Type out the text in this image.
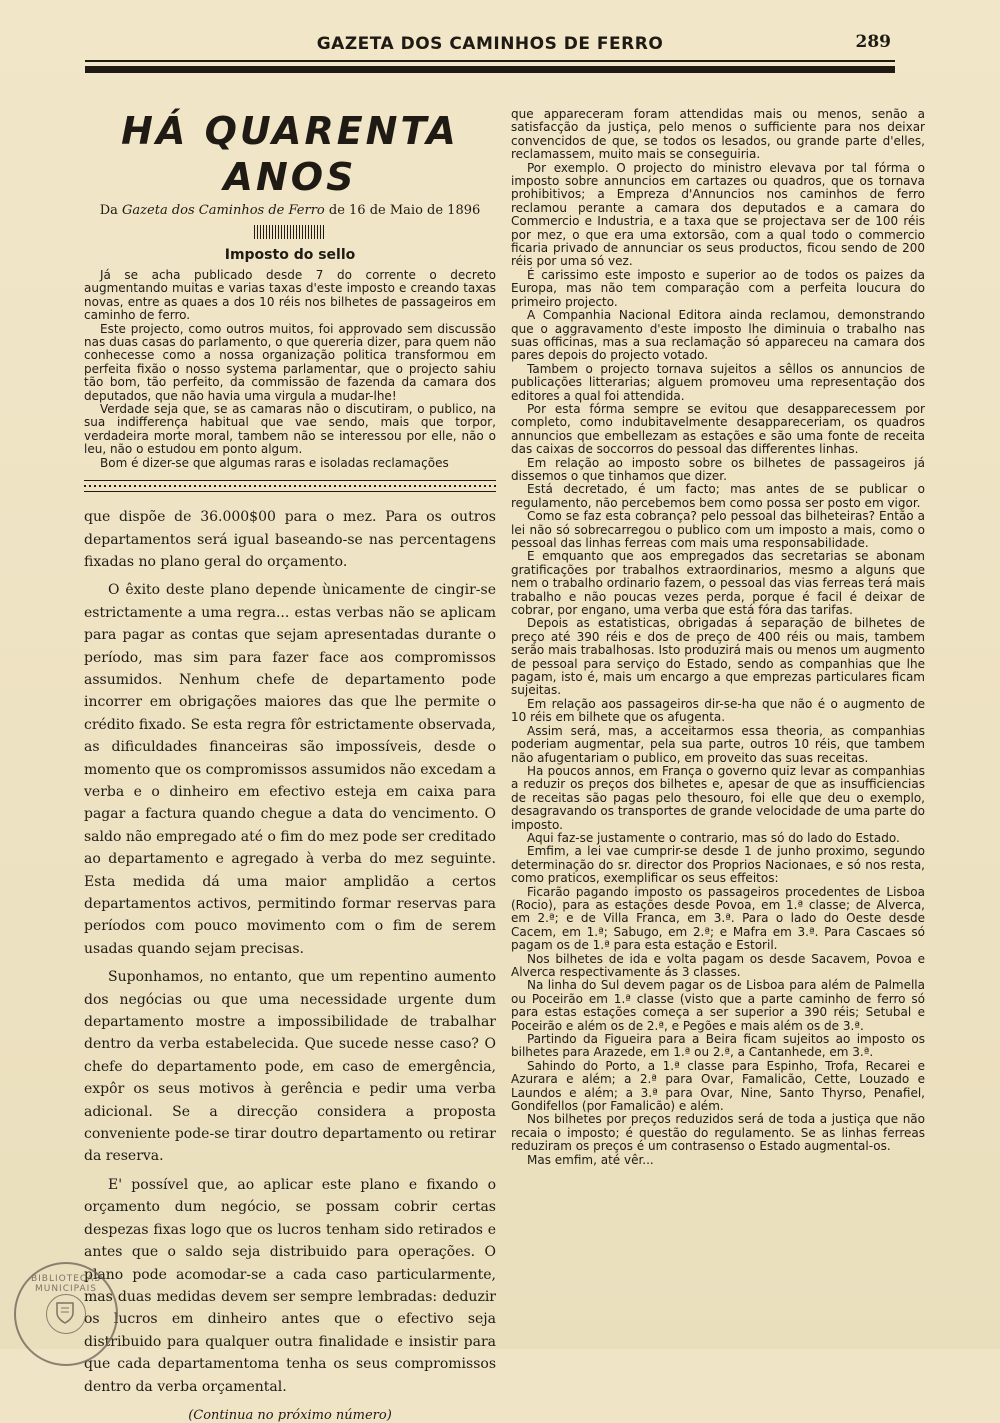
GAZETA DOS CAMINHOS DE FERRO	289
HÁ QUARENTA ANOS
Da Gazeta dos Caminhos de Ferro de 16 de Maio de 1896
Imposto do sello

Já se acha publicado desde 7 do corrente o decreto augmentando muitas e varias taxas d'este imposto e creando taxas novas, entre as quaes a dos 10 réis nos bilhetes de passageiros em caminho de ferro.

Este projecto, como outros muitos, foi approvado sem discussão nas duas casas do parlamento, o que quereria dizer, para quem não conhecesse como a nossa organização politica transformou em perfeita fixão o nosso systema parlamentar, que o projecto sahiu tão bom, tão perfeito, da commissão de fazenda da camara dos deputados, que não havia uma virgula a mudar-lhe!

Verdade seja que, se as camaras não o discutiram, o publico, na sua indifferença habitual que vae sendo, mais que torpor, verdadeira morte moral, tambem não se interessou por elle, não o leu, não o estudou em ponto algum.

Bom é dizer-se que algumas raras e isoladas reclamações

que dispõe de 36.000$00 para o mez. Para os outros departamentos será igual baseando-se nas percentagens fixadas no plano geral do orçamento.

O êxito deste plano depende ùnicamente de cingir-se estrictamente a uma regra... estas verbas não se aplicam para pagar as contas que sejam apresentadas durante o período, mas sim para fazer face aos compromissos assumidos. Nenhum chefe de departamento pode incorrer em obrigações maiores das que lhe permite o crédito fixado. Se esta regra fôr estrictamente observada, as dificuldades financeiras são impossíveis, desde o momento que os compromissos assumidos não excedam a verba e o dinheiro em efectivo esteja em caixa para pagar a factura quando chegue a data do vencimento. O saldo não empregado até o fim do mez pode ser creditado ao departamento e agregado à verba do mez seguinte. Esta medida dá uma maior amplidão a certos departamentos activos, permitindo formar reservas para períodos com pouco movimento com o fim de serem usadas quando sejam precisas.

Suponhamos, no entanto, que um repentino aumento dos negócias ou que uma necessidade urgente dum departamento mostre a impossibilidade de trabalhar dentro da verba estabelecida. Que sucede nesse caso? O chefe do departamento pode, em caso de emergência, expôr os seus motivos à gerência e pedir uma verba adicional. Se a direcção considera a proposta conveniente pode-se tirar doutro departamento ou retirar da reserva.

E' possível que, ao aplicar este plano e fixando o orçamento dum negócio, se possam cobrir certas despezas fixas logo que os lucros tenham sido retirados e antes que o saldo seja distribuido para operações. O plano pode acomodar-se a cada caso particularmente, mas duas medidas devem ser sempre lembradas: deduzir os lucros em dinheiro antes que o efectivo seja distribuido para qualquer outra finalidade e insistir para que cada departamentoma tenha os seus compromissos dentro da verba orçamental.

(Continua no próximo número)

que appareceram foram attendidas mais ou menos, senão a satisfacção da justiça, pelo menos o sufficiente para nos deixar convencidos de que, se todos os lesados, ou grande parte d'elles, reclamassem, muito mais se conseguiria.

Por exemplo. O projecto do ministro elevava por tal fórma o imposto sobre annuncios em cartazes ou quadros, que os tornava prohibitivos; a Empreza d'Annuncios nos caminhos de ferro reclamou perante a camara dos deputados e a camara do Commercio e Industria, e a taxa que se projectava ser de 100 réis por mez, o que era uma extorsão, com a qual todo o commercio ficaria privado de annunciar os seus productos, ficou sendo de 200 réis por uma só vez.

É carissimo este imposto e superior ao de todos os paizes da Europa, mas não tem comparação com a perfeita loucura do primeiro projecto.

A Companhia Nacional Editora ainda reclamou, demonstrando que o aggravamento d'este imposto lhe diminuia o trabalho nas suas officinas, mas a sua reclamação só appareceu na camara dos pares depois do projecto votado.

Tambem o projecto tornava sujeitos a sêllos os annuncios de publicações litterarias; alguem promoveu uma representação dos editores a qual foi attendida.

Por esta fórma sempre se evitou que desapparecessem por completo, como indubitavelmente desappareceriam, os quadros annuncios que embellezam as estações e são uma fonte de receita das caixas de soccorros do pessoal das differentes linhas.

Em relação ao imposto sobre os bilhetes de passageiros já dissemos o que tinhamos que dizer.

Está decretado, é um facto; mas antes de se publicar o regulamento, não percebemos bem como possa ser posto em vigor.

Como se faz esta cobrança? pelo pessoal das bilheteiras? Então a lei não só sobrecarregou o publico com um imposto a mais, como o pessoal das linhas ferreas com mais uma responsabilidade.

E emquanto que aos empregados das secretarias se abonam gratificações por trabalhos extraordinarios, mesmo a alguns que nem o trabalho ordinario fazem, o pessoal das vias ferreas terá mais trabalho e não poucas vezes perda, porque é facil é deixar de cobrar, por engano, uma verba que está fóra das tarifas.

Depois as estatisticas, obrigadas á separação de bilhetes de preço até 390 réis e dos de preço de 400 réis ou mais, tambem serão mais trabalhosas. Isto produzirá mais ou menos um augmento de pessoal para serviço do Estado, sendo as companhias que lhe pagam, isto é, mais um encargo a que emprezas particulares ficam sujeitas.

Em relação aos passageiros dir-se-ha que não é o augmento de 10 réis em bilhete que os afugenta.

Assim será, mas, a acceitarmos essa theoria, as companhias poderiam augmentar, pela sua parte, outros 10 réis, que tambem não afugentariam o publico, em proveito das suas receitas.

Ha poucos annos, em França o governo quiz levar as companhias a reduzir os preços dos bilhetes e, apesar de que as insufficiencias de receitas são pagas pelo thesouro, foi elle que deu o exemplo, desagravando os transportes de grande velocidade de uma parte do imposto.

Aqui faz-se justamente o contrario, mas só do lado do Estado.

Emfim, a lei vae cumprir-se desde 1 de junho proximo, segundo determinação do sr. director dos Proprios Nacionaes, e só nos resta, como praticos, exemplificar os seus effeitos:

Ficarão pagando imposto os passageiros procedentes de Lisboa (Rocio), para as estações desde Povoa, em 1.ª classe; de Alverca, em 2.ª; e de Villa Franca, em 3.ª. Para o lado do Oeste desde Cacem, em 1.ª; Sabugo, em 2.ª; e Mafra em 3.ª. Para Cascaes só pagam os de 1.ª para esta estação e Estoril.

Nos bilhetes de ida e volta pagam os desde Sacavem, Povoa e Alverca respectivamente ás 3 classes.

Na linha do Sul devem pagar os de Lisboa para além de Palmella ou Poceirão em 1.ª classe (visto que a parte caminho de ferro só para estas estações começa a ser superior a 390 réis; Setubal e Poceirão e além os de 2.ª, e Pegões e mais além os de 3.ª.

Partindo da Figueira para a Beira ficam sujeitos ao imposto os bilhetes para Arazede, em 1.ª ou 2.ª, a Cantanhede, em 3.ª.

Sahindo do Porto, a 1.ª classe para Espinho, Trofa, Recarei e Azurara e além; a 2.ª para Ovar, Famalicão, Cette, Louzado e Laundos e além; a 3.ª para Ovar, Nine, Santo Thyrso, Penafiel, Gondifellos (por Famalicão) e além.

Nos bilhetes por preços reduzidos será de toda a justiça que não recaia o imposto; é questão do regulamento. Se as linhas ferreas reduziram os preços é um contrasenso o Estado augmental-os.

Mas emfim, até vêr...

BIBLIOTECAS MUNICIPAIS
